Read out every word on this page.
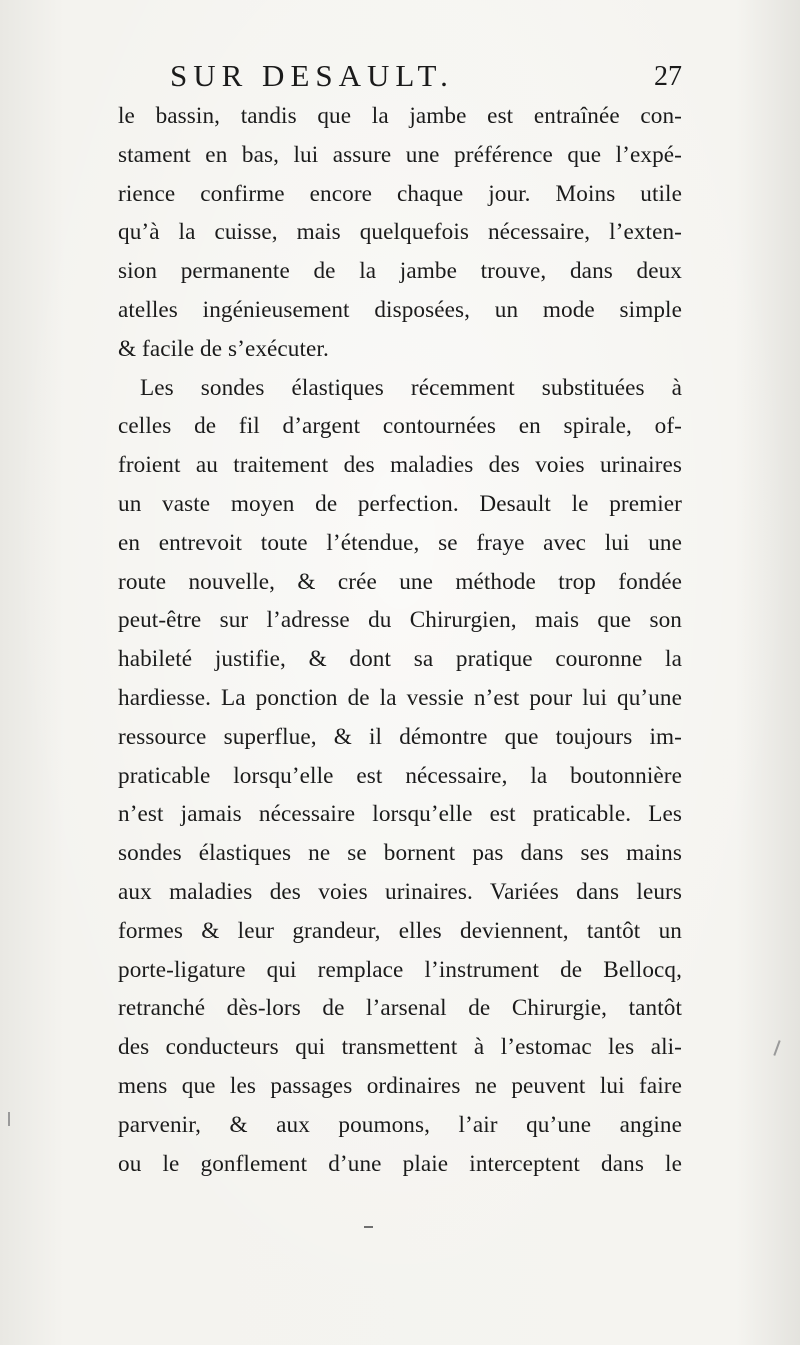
SUR DESAULT.	27
le bassin, tandis que la jambe est entraînée con-
stament en bas, lui assure une préférence que l’expé-
rience confirme encore chaque jour. Moins utile
qu’à la cuisse, mais quelquefois nécessaire, l’exten-
sion permanente de la jambe trouve, dans deux
atelles ingénieusement disposées, un mode simple
& facile de s’exécuter.
Les sondes élastiques récemment substituées à
celles de fil d’argent contournées en spirale, of-
froient au traitement des maladies des voies urinaires
un vaste moyen de perfection. Desault le premier
en entrevoit toute l’étendue, se fraye avec lui une
route nouvelle, & crée une méthode trop fondée
peut-être sur l’adresse du Chirurgien, mais que son
habileté justifie, & dont sa pratique couronne la
hardiesse. La ponction de la vessie n’est pour lui qu’une
ressource superflue, & il démontre que toujours im-
praticable lorsqu’elle est nécessaire, la boutonnière
n’est jamais nécessaire lorsqu’elle est praticable. Les
sondes élastiques ne se bornent pas dans ses mains
aux maladies des voies urinaires. Variées dans leurs
formes & leur grandeur, elles deviennent, tantôt un
porte-ligature qui remplace l’instrument de Bellocq,
retranché dès-lors de l’arsenal de Chirurgie, tantôt
des conducteurs qui transmettent à l’estomac les ali-
mens que les passages ordinaires ne peuvent lui faire
parvenir, & aux poumons, l’air qu’une angine
ou le gonflement d’une plaie interceptent dans le
